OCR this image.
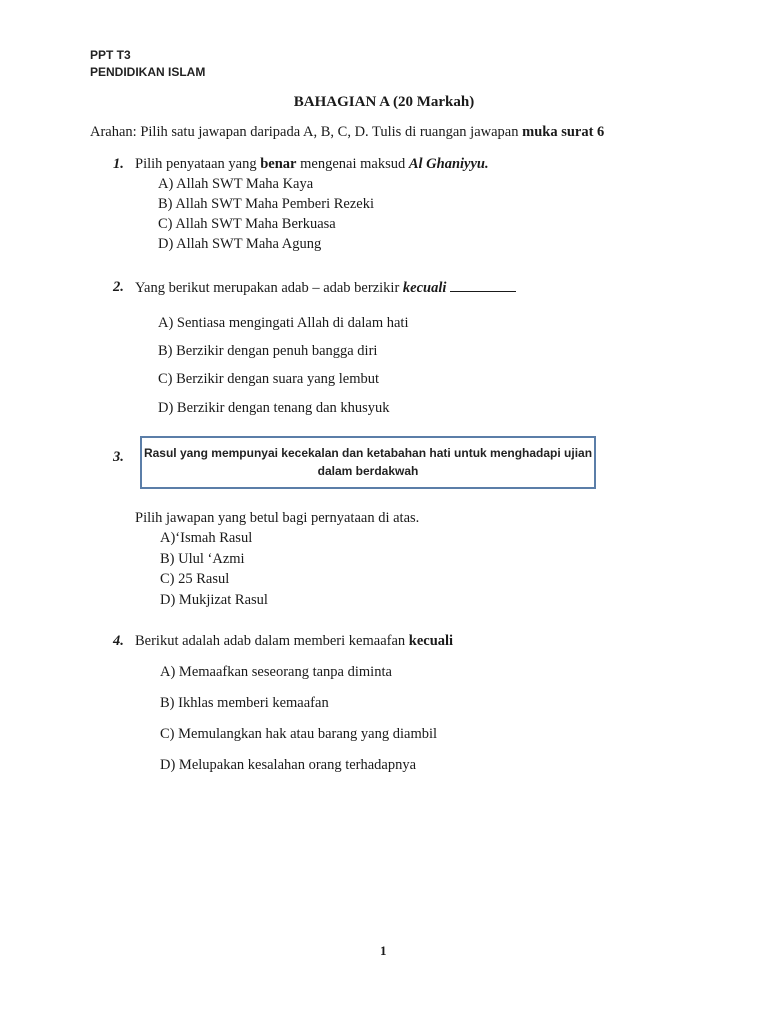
PPT T3
PENDIDIKAN ISLAM
BAHAGIAN A (20 Markah)
Arahan: Pilih satu jawapan daripada A, B, C, D. Tulis di ruangan jawapan muka surat 6
1. Pilih penyataan yang benar mengenai maksud Al Ghaniyyu.
A) Allah SWT Maha Kaya
B) Allah SWT Maha Pemberi Rezeki
C) Allah SWT Maha Berkuasa
D) Allah SWT Maha Agung
2. Yang berikut merupakan adab – adab berzikir kecuali
A) Sentiasa mengingati Allah di dalam hati
B) Berzikir dengan penuh bangga diri
C) Berzikir dengan suara yang lembut
D) Berzikir dengan tenang dan khusyuk
3. Rasul yang mempunyai kecekalan dan ketabahan hati untuk menghadapi ujian dalam berdakwah
Pilih jawapan yang betul bagi pernyataan di atas.
A)‘Ismah Rasul
B) Ulul ‘Azmi
C) 25 Rasul
D) Mukjizat Rasul
4. Berikut adalah adab dalam memberi kemaafan kecuali
A) Memaafkan seseorang tanpa diminta
B) Ikhlas memberi kemaafan
C) Memulangkan hak atau barang yang diambil
D) Melupakan kesalahan orang terhadapnya
1
